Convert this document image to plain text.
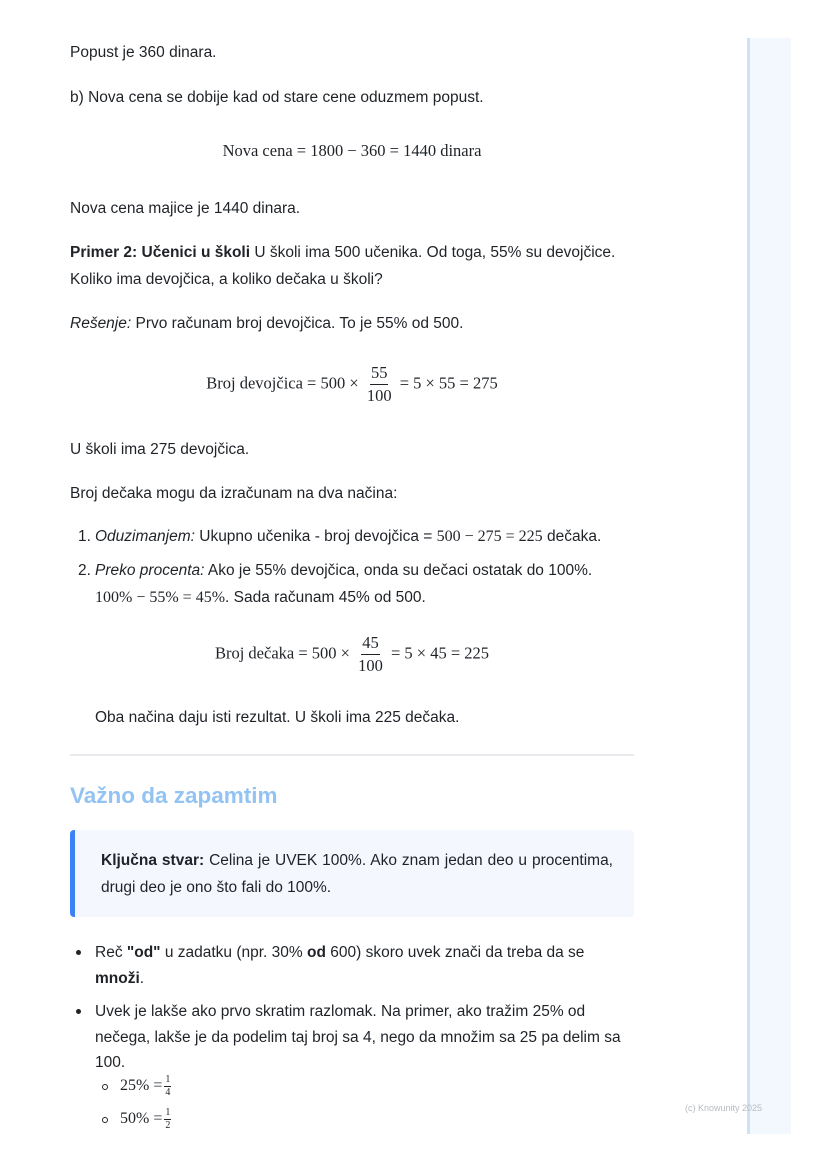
Popust je 360 dinara.

b) Nova cena se dobije kad od stare cene oduzmem popust.

Nova cena = 1800 − 360 = 1440 dinara

Nova cena majice je 1440 dinara.

Primer 2: Učenici u školi U školi ima 500 učenika. Od toga, 55% su devojčice. Koliko ima devojčica, a koliko dečaka u školi?

Rešenje: Prvo računam broj devojčica. To je 55% od 500.

Broj devojčica = $500 \times \frac{55}{100} = 5 \times 55 = 275$

U školi ima 275 devojčica.

Broj dečaka mogu da izračunam na dva načina:

1. Oduzimanjem: Ukupno učenika - broj devojčica = 500 − 275 = 225 dečaka.
2. Preko procenta: Ako je 55% devojčica, onda su dečaci ostatak do 100%.
100% − 55% = 45%. Sada računam 45% od 500.
Broj dečaka = $500 \times \frac{45}{100} = 5 \times 45 = 225$

Oba načina daju isti rezultat. U školi ima 225 dečaka.

Važno da zapamtim
Ključna stvar: Celina je UVEK 100%. Ako znam jedan deo u procentima, drugi deo je ono što fali do 100%.
Reč "od" u zadatku (npr. 30% od 600) skoro uvek znači da treba da se množi.
Uvek je lakše ako prvo skratim razlomak. Na primer, ako tražim 25% od nečega, lakše je da podelim taj broj sa 4, nego da množim sa 25 pa delim sa 100.
$25\% = \frac{1}{4}$
$50\% = \frac{1}{2}$	(c) Knowunity 2025
